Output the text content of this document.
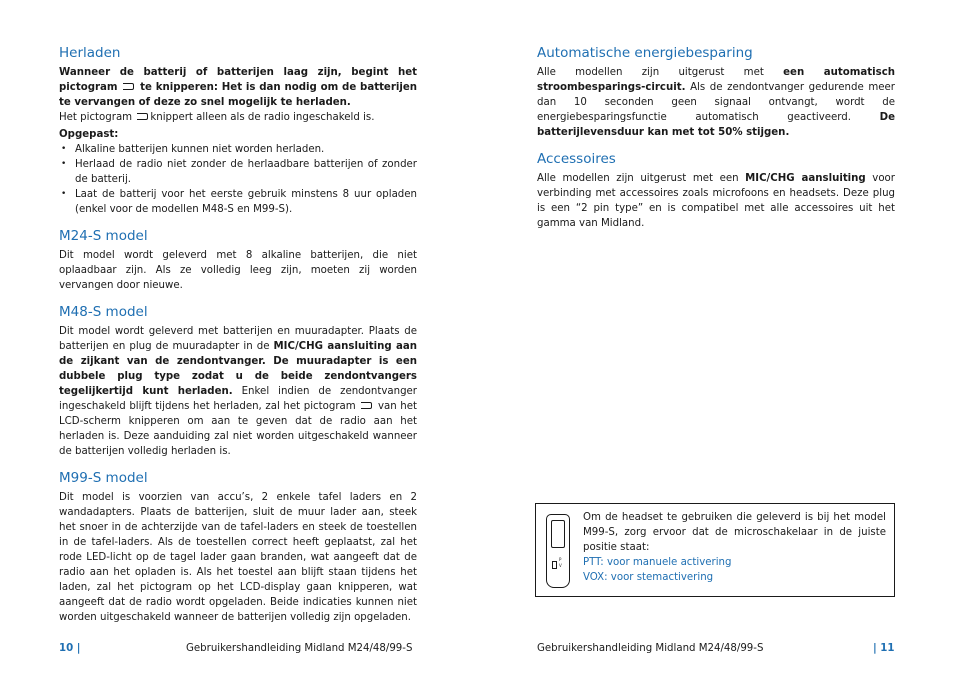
Herladen

Wanneer de batterij of batterijen laag zijn, begint het pictogram te knipperen: Het is dan nodig om de batterijen te vervangen of deze zo snel mogelijk te herladen.

Het pictogram knippert alleen als de radio ingeschakeld is.

Opgepast:

• Alkaline batterijen kunnen niet worden herladen.
• Herlaad de radio niet zonder de herlaadbare batterijen of zonder de batterij.
• Laat de batterij voor het eerste gebruik minstens 8 uur opladen (enkel voor de modellen M48-S en M99-S).
M24-S model

Dit model wordt geleverd met 8 alkaline batterijen, die niet oplaadbaar zijn. Als ze volledig leeg zijn, moeten zij worden vervangen door nieuwe.

M48-S model

Dit model wordt geleverd met batterijen en muuradapter. Plaats de batterijen en plug de muuradapter in de MIC/CHG aansluiting aan de zijkant van de zendontvanger. De muuradapter is een dubbele plug type zodat u de beide zendontvangers tegelijkertijd kunt herladen. Enkel indien de zendontvanger ingeschakeld blijft tijdens het herladen, zal het pictogram van het LCD-scherm knipperen om aan te geven dat de radio aan het herladen is. Deze aanduiding zal niet worden uitgeschakeld wanneer de batterijen volledig herladen is.

M99-S model

Dit model is voorzien van accu’s, 2 enkele tafel laders en 2 wandadapters. Plaats de batterijen, sluit de muur lader aan, steek het snoer in de achterzijde van de tafel-laders en steek de toestellen in de tafel-laders. Als de toestellen correct heeft geplaatst, zal het rode LED-licht op de tagel lader gaan branden, wat aangeeft dat de radio aan het opladen is. Als het toestel aan blijft staan tijdens het laden, zal het pictogram op het LCD-display gaan knipperen, wat aangeeft dat de radio wordt opgeladen. Beide indicaties kunnen niet worden uitgeschakeld wanneer de batterijen volledig zijn opgeladen.

Automatische energiebesparing

Alle modellen zijn uitgerust met een automatisch stroombesparings-circuit. Als de zendontvanger gedurende meer dan 10 seconden geen signaal ontvangt, wordt de energiebesparingsfunctie automatisch geactiveerd.	De batterijlevensduur kan met tot 50% stijgen.

Accessoires

Alle modellen zijn uitgerust met een MIC/CHG aansluiting voor verbinding met accessoires zoals microfoons en headsets. Deze plug is een “2 pin type” en is compatibel met alle accessoires uit het gamma van Midland.

P
V

Om de headset te gebruiken die geleverd is bij het model M99-S, zorg ervoor dat de microschakelaar in de juiste positie staat:

PTT: voor manuele activering

VOX: voor stemactivering

10 |	Gebruikershandleiding Midland M24/48/99-S	Gebruikershandleiding Midland M24/48/99-S	| 11
